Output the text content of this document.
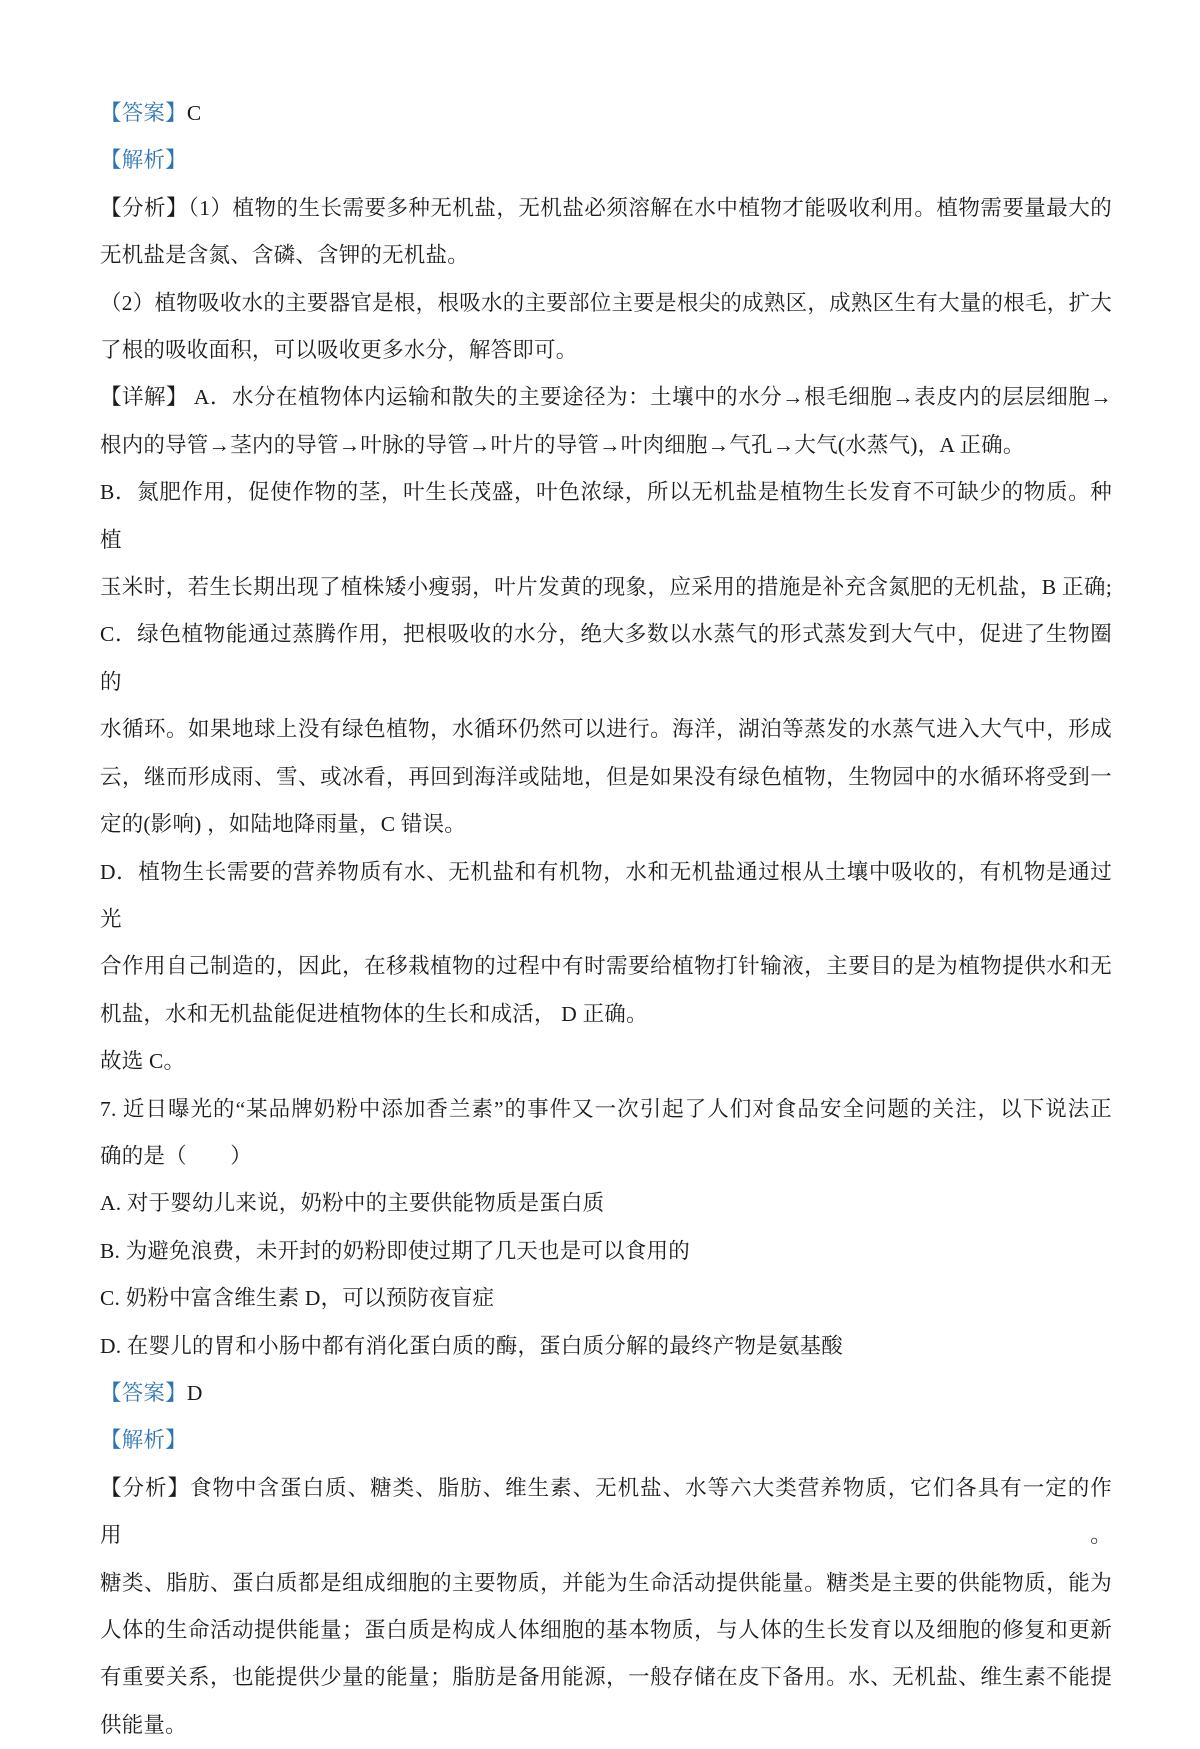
【答案】C
【解析】
【分析】（1）植物的生长需要多种无机盐，无机盐必须溶解在水中植物才能吸收利用。植物需要量最大的
无机盐是含氮、含磷、含钾的无机盐。
（2）植物吸收水的主要器官是根，根吸水的主要部位主要是根尖的成熟区，成熟区生有大量的根毛，扩大
了根的吸收面积，可以吸收更多水分，解答即可。
【详解】 A．水分在植物体内运输和散失的主要途径为：土壤中的水分→根毛细胞→表皮内的层层细胞→
根内的导管→茎内的导管→叶脉的导管→叶片的导管→叶肉细胞→气孔→大气(水蒸气)，A 正确。
B．氮肥作用，促使作物的茎，叶生长茂盛，叶色浓绿，所以无机盐是植物生长发育不可缺少的物质。种植
玉米时，若生长期出现了植株矮小瘦弱，叶片发黄的现象，应采用的措施是补充含氮肥的无机盐，B 正确;
C．绿色植物能通过蒸腾作用，把根吸收的水分，绝大多数以水蒸气的形式蒸发到大气中，促进了生物圈的
水循环。如果地球上没有绿色植物，水循环仍然可以进行。海洋，湖泊等蒸发的水蒸气进入大气中，形成
云，继而形成雨、雪、或冰看，再回到海洋或陆地，但是如果没有绿色植物，生物园中的水循环将受到一
定的(影响) ，如陆地降雨量，C 错误。
D．植物生长需要的营养物质有水、无机盐和有机物，水和无机盐通过根从土壤中吸收的，有机物是通过光
合作用自己制造的，因此，在移栽植物的过程中有时需要给植物打针输液，主要目的是为植物提供水和无
机盐，水和无机盐能促进植物体的生长和成活， D 正确。
故选 C。
7. 近日曝光的“某品牌奶粉中添加香兰素”的事件又一次引起了人们对食品安全问题的关注，以下说法正
确的是（　　）
A. 对于婴幼儿来说，奶粉中的主要供能物质是蛋白质
B. 为避免浪费，未开封的奶粉即使过期了几天也是可以食用的
C. 奶粉中富含维生素 D，可以预防夜盲症
D. 在婴儿的胃和小肠中都有消化蛋白质的酶，蛋白质分解的最终产物是氨基酸
【答案】D
【解析】
【分析】食物中含蛋白质、糖类、脂肪、维生素、无机盐、水等六大类营养物质，它们各具有一定的作用。
糖类、脂肪、蛋白质都是组成细胞的主要物质，并能为生命活动提供能量。糖类是主要的供能物质，能为
人体的生命活动提供能量；蛋白质是构成人体细胞的基本物质，与人体的生长发育以及细胞的修复和更新
有重要关系，也能提供少量的能量；脂肪是备用能源，一般存储在皮下备用。水、无机盐、维生素不能提
供能量。
